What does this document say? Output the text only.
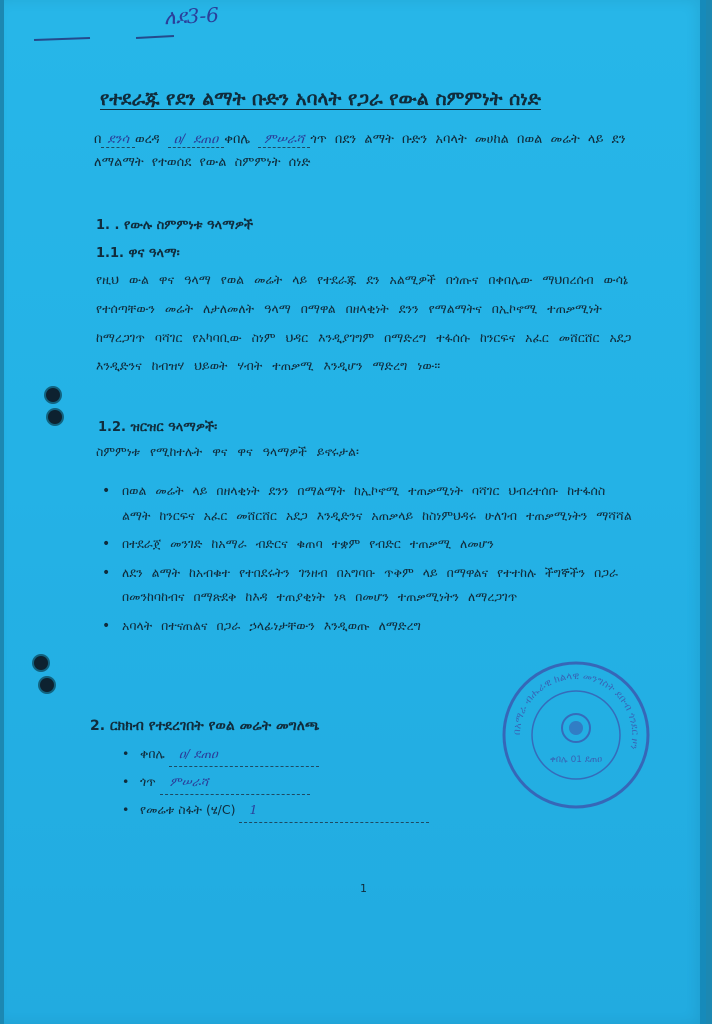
ለደ3-6
የተደራጁ የደን ልማት ቡድን አባላት የጋራ የውል ስምምነት ሰነድ
በ ደንሳ ወረዳ ዐ/ ደጠዐ ቀበሌ ምሠራሻ ጎጥ በደን ልማት ቡድን አባላት መሀከል በወል መሬት ላይ ደን ለማልማት የተወሰደ የውል ስምምነት ሰነድ
1. . የውሉ ስምምነቱ ዓላማዎች
1.1. ዋና ዓላማ፡
የዚህ ውል ዋና ዓላማ የወል መሬት ላይ የተደራጁ ደን አልሚዎች በጎጡና በቀበሌው ማህበረሰብ ውሳኔ የተሰጣቸውን መሬት ለታለመለት ዓላማ በማዋል በዘላቂነት ደንን የማልማትና በኢኮኖሚ ተጠቃሚነት ከማረጋገጥ ባሻገር የአካባቢው ስነም ህዳር እንዲያገግም በማድረግ ተፋሰሱ ከንርፍና አፈር መሸርሸር አደጋ እንዲድንና ከብዝሃ ህይወት ሃብት ተጠቃሚ እንዲሆን ማድረግ ነው፡፡
1.2. ዝርዝር ዓላማዎች፡
ስምምነቱ የሚከተሉት ዋና ዋና ዓላማዎች ይኖሩታል፡
• በወል መሬት ላይ በዘላቂነት ደንን በማልማት ከኢኮኖሚ ተጠቃሚነት ባሻገር ህብረተሰቡ ከተፋሰስ ልማት ከንርፍና አፈር መሸርሸር አደጋ እንዲድንና አጠቃላይ ከስነምህዳሩ ሁለገብ ተጠቃሚነትን ማሻሻል
• በተደራጀ መንገድ ከአማራ ብድርና ቁጠባ ተቋም የብድር ተጠቃሚ ለመሆን
• ለደን ልማት ከአብቁተ የተበደሩትን ገንዘብ በአግባቡ ጥቅም ላይ በማዋልና የተተከሉ ችግኞችን በጋራ በመንከባከብና በማጽደቅ ከእዳ ተጠያቂነት ነጻ በመሆን ተጠቃሚነትን ለማረጋገጥ
• አባላት በተናጠልና በጋራ ኃላፊነታቸውን እንዲወጡ ለማድረግ
2. ርክክብ የተደረገበት የወል መሬት መግለጫ
• ቀበሌ ዐ/ ደጠዐ
• ጎጥ ምሠራሻ
• የመሬቱ ስፋት (ሄ/C) 1
1
በአማራ ብሔራዊ ክልላዊ መንግስት ደቡብ ጎንደር ዞን
ቀበሌ 01 ደጠዐ
